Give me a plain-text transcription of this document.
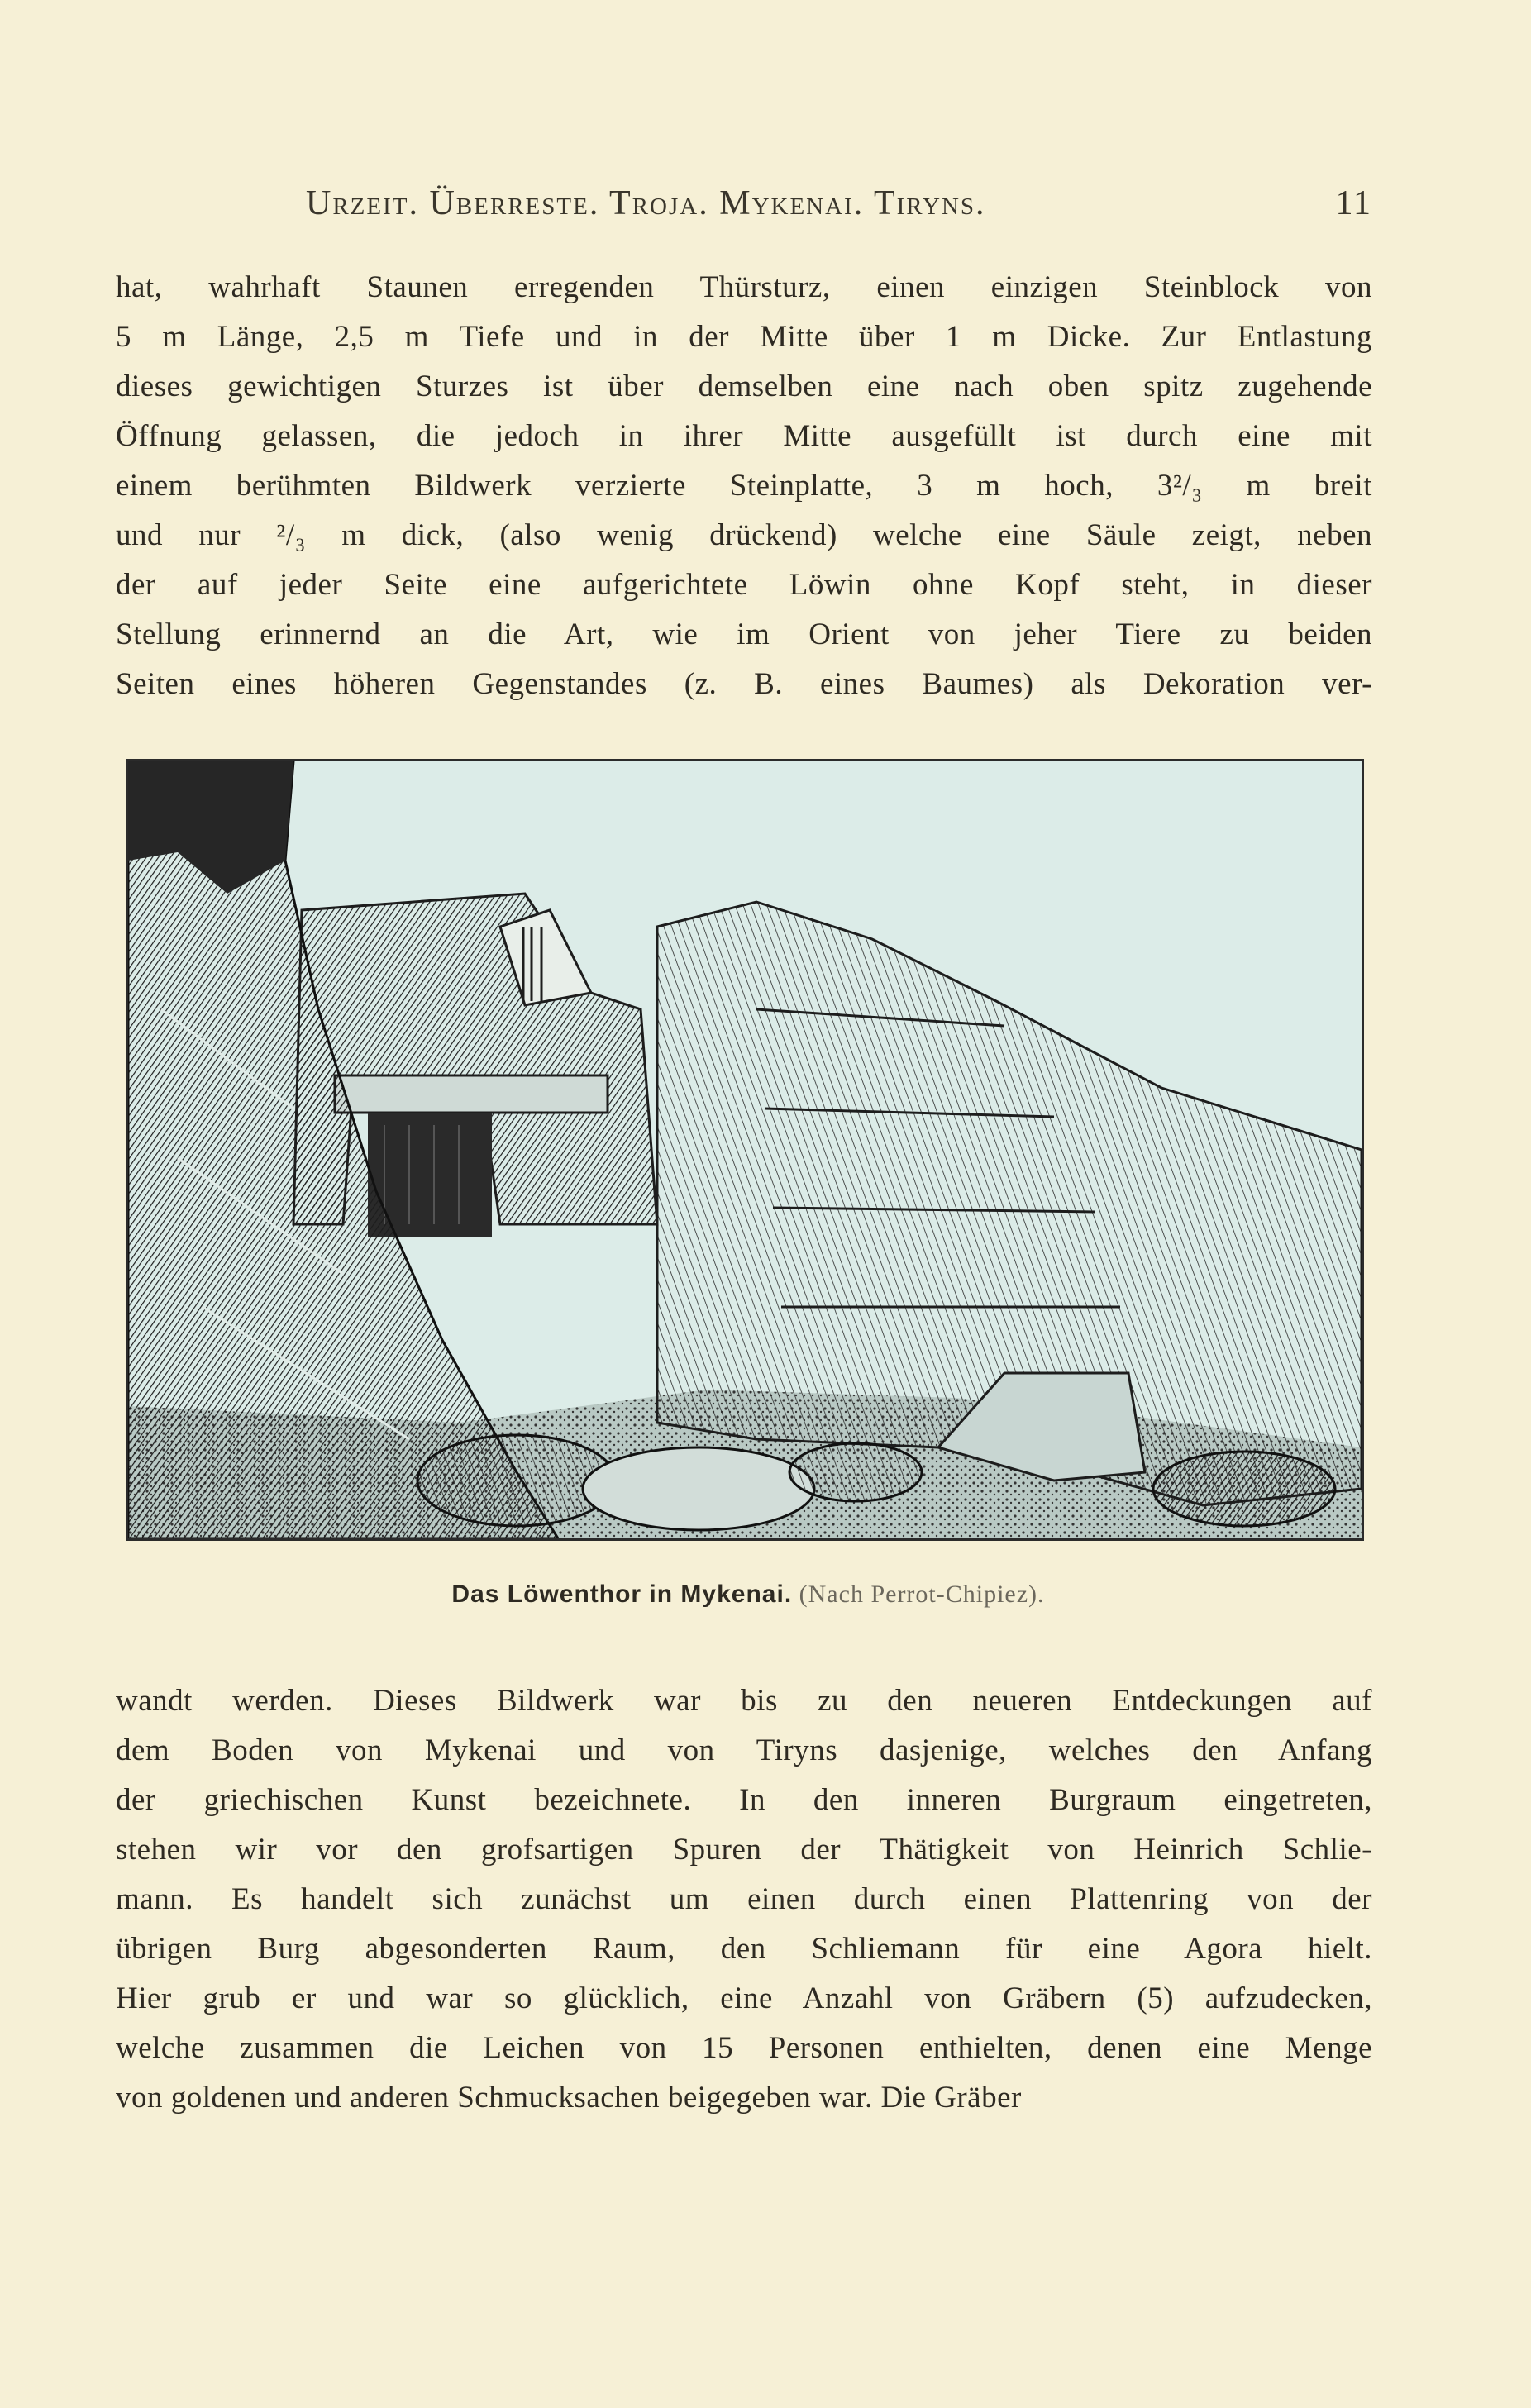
Urzeit. Überreste. Troja. Mykenai. Tiryns.	11
hat, wahrhaft Staunen erregenden Thürsturz, einen einzigen Steinblock von
5 m Länge, 2,5 m Tiefe und in der Mitte über 1 m Dicke. Zur Entlastung
dieses gewichtigen Sturzes ist über demselben eine nach oben spitz zugehende
Öffnung gelassen, die jedoch in ihrer Mitte ausgefüllt ist durch eine mit
einem berühmten Bildwerk verzierte Steinplatte, 3 m hoch, 3²/₃ m breit
und nur ²/₃ m dick, (also wenig drückend) welche eine Säule zeigt, neben
der auf jeder Seite eine aufgerichtete Löwin ohne Kopf steht, in dieser
Stellung erinnernd an die Art, wie im Orient von jeher Tiere zu beiden
Seiten eines höheren Gegenstandes (z. B. eines Baumes) als Dekoration ver-
Das Löwenthor in Mykenai. (Nach Perrot-Chipiez).
wandt werden. Dieses Bildwerk war bis zu den neueren Entdeckungen auf
dem Boden von Mykenai und von Tiryns dasjenige, welches den Anfang
der griechischen Kunst bezeichnete. In den inneren Burgraum eingetreten,
stehen wir vor den grofsartigen Spuren der Thätigkeit von Heinrich Schlie-
mann. Es handelt sich zunächst um einen durch einen Plattenring von der
übrigen Burg abgesonderten Raum, den Schliemann für eine Agora hielt.
Hier grub er und war so glücklich, eine Anzahl von Gräbern (5) aufzudecken,
welche zusammen die Leichen von 15 Personen enthielten, denen eine Menge
von goldenen und anderen Schmucksachen beigegeben war. Die Gräber
